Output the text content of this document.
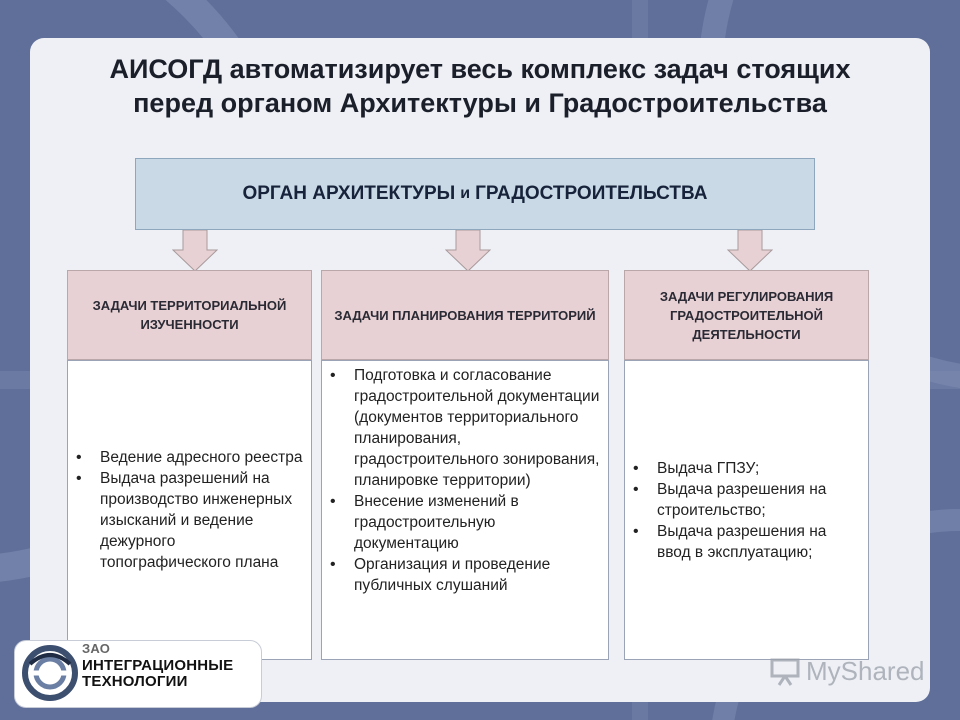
АИСОГД автоматизирует весь комплекс задач стоящих
перед органом Архитектуры и Градостроительства
ОРГАН АРХИТЕКТУРЫ и ГРАДОСТРОИТЕЛЬСТВА
ЗАДАЧИ ТЕРРИТОРИАЛЬНОЙ ИЗУЧЕННОСТИ
• Ведение адресного реестра
• Выдача разрешений на производство инженерных изысканий и ведение дежурного топографического плана
ЗАДАЧИ ПЛАНИРОВАНИЯ ТЕРРИТОРИЙ
• Подготовка и согласование градостроительной документации (документов территориального планирования, градостроительного зонирования, планировке территории)
• Внесение изменений в градостроительную документацию
• Организация и проведение публичных слушаний
ЗАДАЧИ РЕГУЛИРОВАНИЯ ГРАДОСТРОИТЕЛЬНОЙ ДЕЯТЕЛЬНОСТИ
• Выдача ГПЗУ;
• Выдача разрешения на строительство;
• Выдача разрешения на ввод в эксплуатацию;
ЗАО
ИНТЕГРАЦИОННЫЕ
ТЕХНОЛОГИИ	MyShared
